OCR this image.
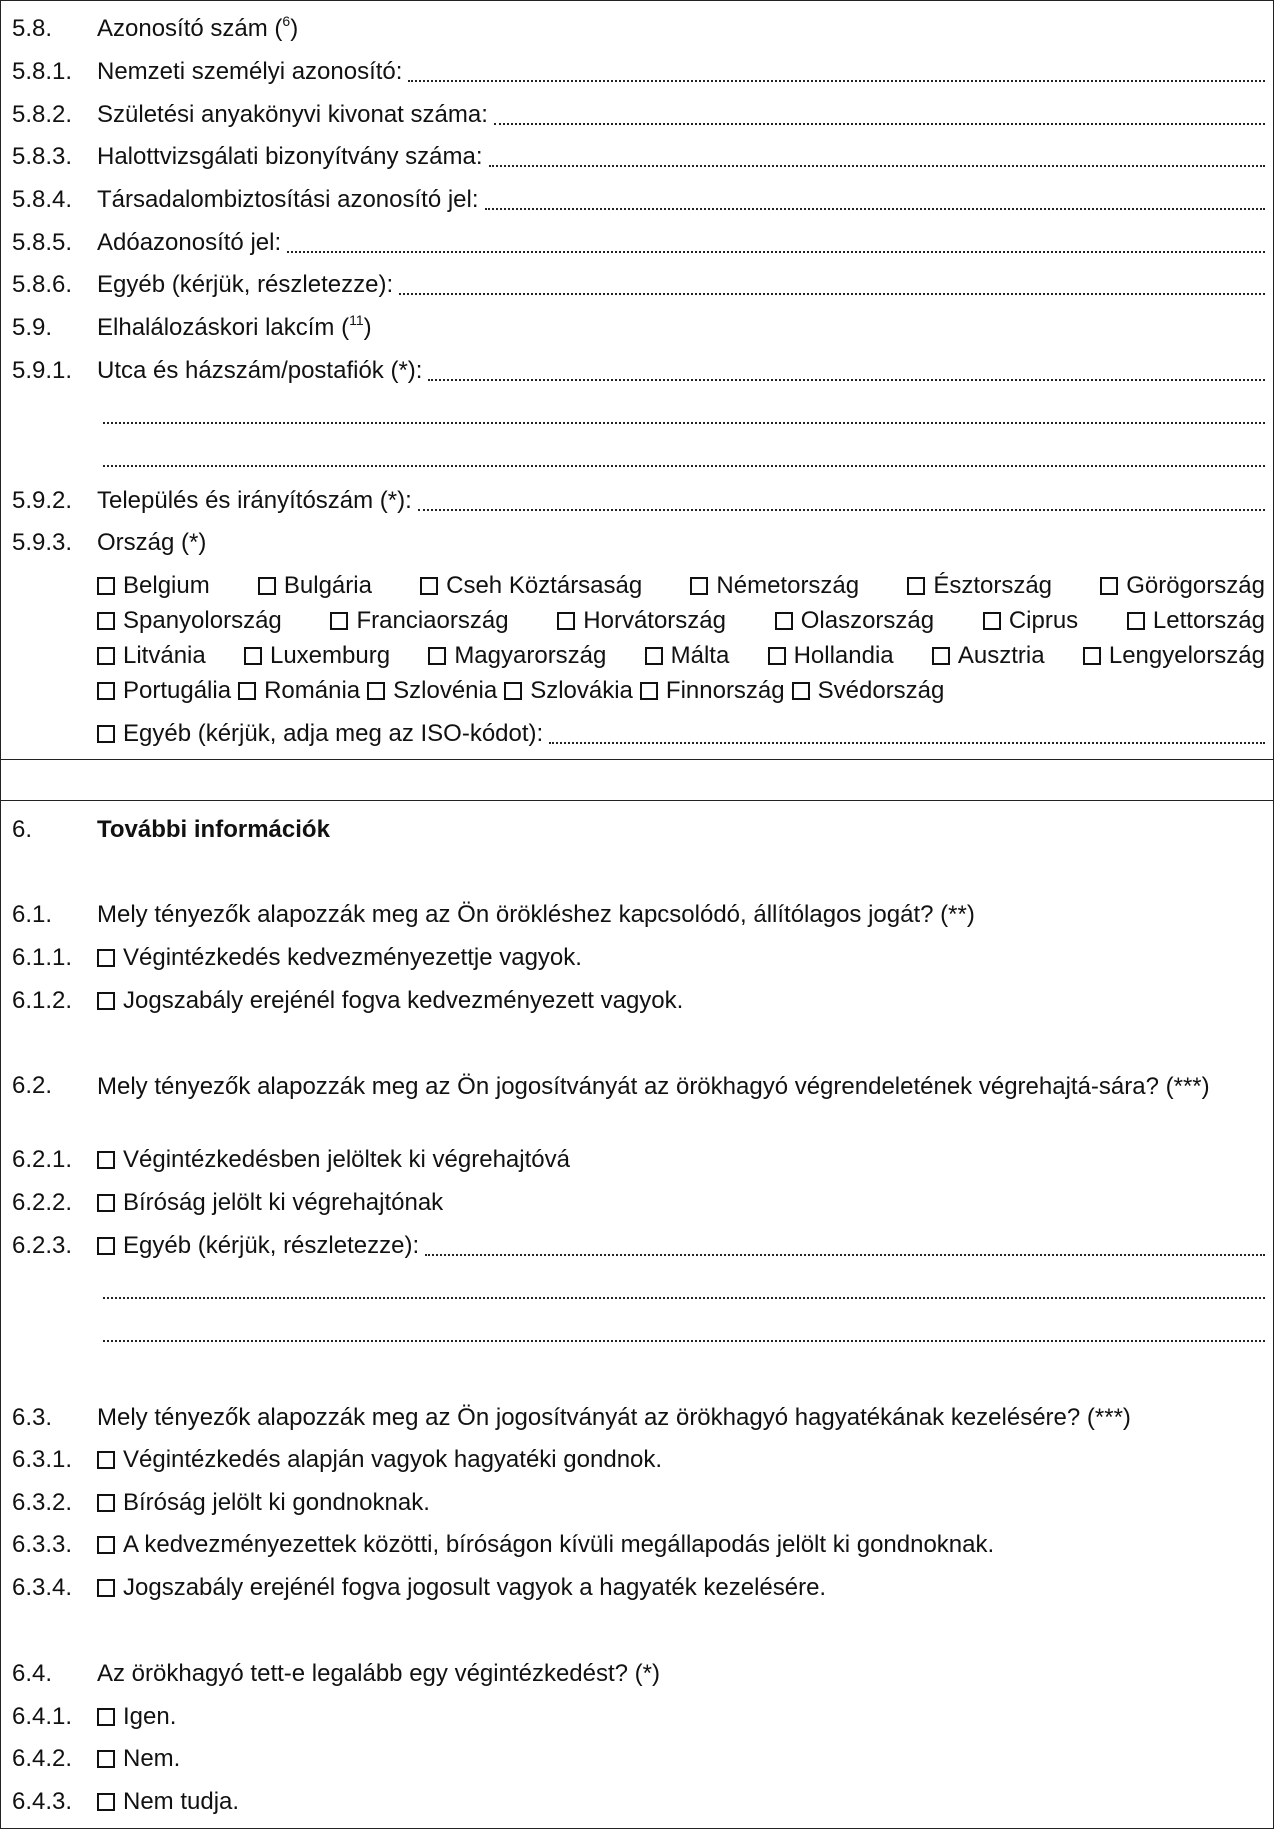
5.8.	Azonosító szám ($^6$)
5.8.1.	Nemzeti személyi azonosító:
5.8.2.	Születési anyakönyvi kivonat száma:
5.8.3.	Halottvizsgálati bizonyítvány száma:
5.8.4.	Társadalombiztosítási azonosító jel:
5.8.5.	Adóazonosító jel:
5.8.6.	Egyéb (kérjük, részletezze):
5.9.	Elhalálozáskori lakcím ($^{11}$)
5.9.1.	Utca és házszám/postafiók (*):
5.9.2.	Település és irányítószám (*):
5.9.3.	Ország (*)
Belgium	Bulgária	Cseh Köztársaság	Németország	Észtország	Görögország
Spanyolország	Franciaország	Horvátország	Olaszország	Ciprus	Lettország
Litvánia	Luxemburg	Magyarország	Málta	Hollandia	Ausztria	Lengyelország
Portugália Románia Szlovénia Szlovákia Finnország Svédország
Egyéb (kérjük, adja meg az ISO-kódot):
6.	További információk
6.1.	Mely tényezők alapozzák meg az Ön örökléshez kapcsolódó, állítólagos jogát? (**)
6.1.1.	Végintézkedés kedvezményezettje vagyok.
6.1.2.	Jogszabály erejénél fogva kedvezményezett vagyok.
6.2.	Mely tényezők alapozzák meg az Ön jogosítványát az örökhagyó végrendeletének végrehajtá-sára? (***)
6.2.1.	Végintézkedésben jelöltek ki végrehajtóvá
6.2.2.	Bíróság jelölt ki végrehajtónak
6.2.3.	Egyéb (kérjük, részletezze):
6.3.	Mely tényezők alapozzák meg az Ön jogosítványát az örökhagyó hagyatékának kezelésére? (***)
6.3.1.	Végintézkedés alapján vagyok hagyatéki gondnok.
6.3.2.	Bíróság jelölt ki gondnoknak.
6.3.3.	A kedvezményezettek közötti, bíróságon kívüli megállapodás jelölt ki gondnoknak.
6.3.4.	Jogszabály erejénél fogva jogosult vagyok a hagyaték kezelésére.
6.4.	Az örökhagyó tett-e legalább egy végintézkedést? (*)
6.4.1.	Igen.
6.4.2.	Nem.
6.4.3.	Nem tudja.
